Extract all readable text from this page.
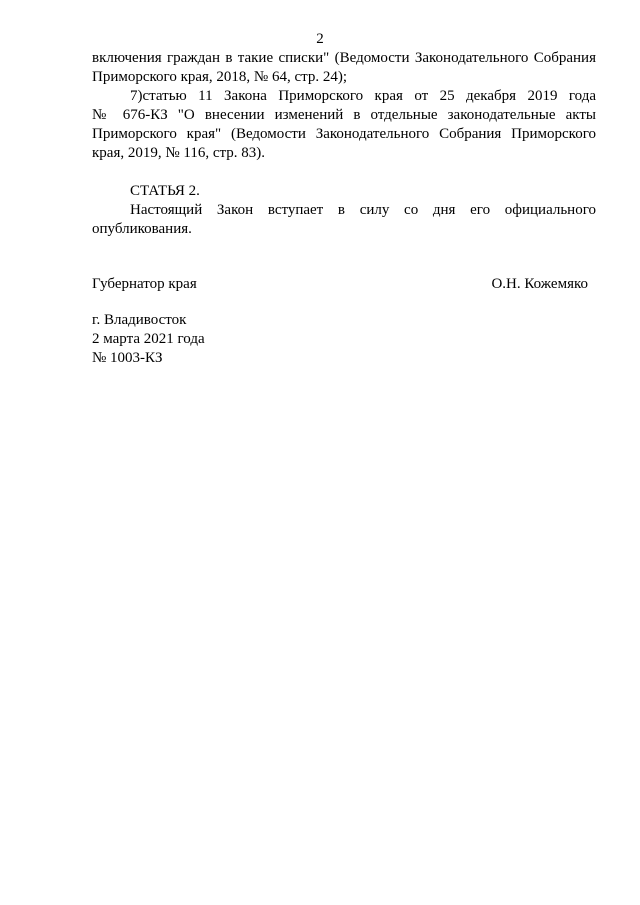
2
включения граждан в такие списки" (Ведомости Законодательного Собрания
Приморского края, 2018, № 64, стр. 24);
7)статью 11 Закона Приморского края от 25 декабря 2019 года
№ 676-КЗ "О внесении изменений в отдельные законодательные акты
Приморского края" (Ведомости Законодательного Собрания Приморского
края, 2019, № 116, стр. 83).
СТАТЬЯ 2.
Настоящий Закон вступает в силу со дня его официального
опубликования.
Губернатор края	О.Н. Кожемяко
г. Владивосток
2 марта 2021 года
№ 1003-КЗ
